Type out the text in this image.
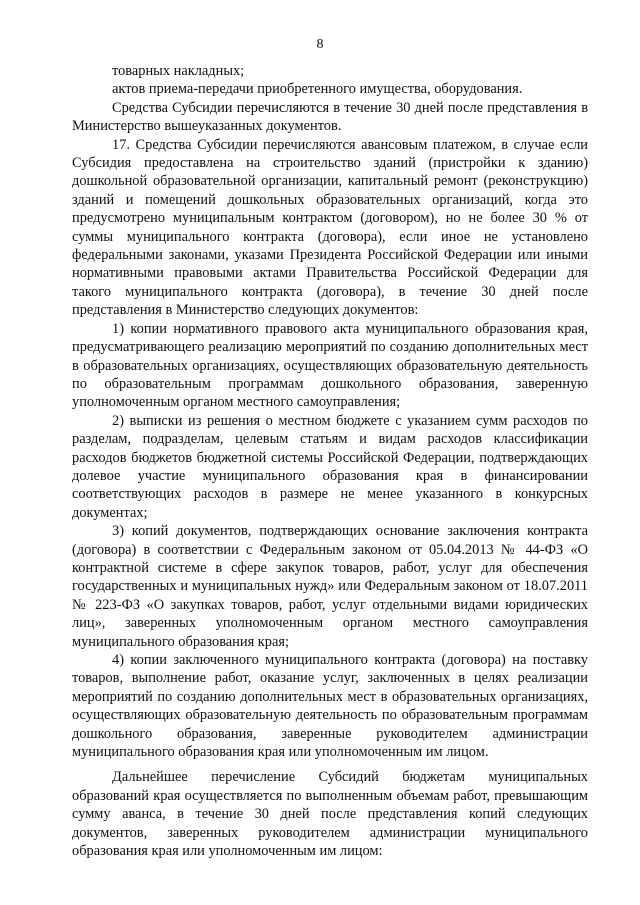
8

товарных накладных;

актов приема-передачи приобретенного имущества, оборудования.

Средства Субсидии перечисляются в течение 30 дней после представления в Министерство вышеуказанных документов.

17. Средства Субсидии перечисляются авансовым платежом, в случае если Субсидия предоставлена на строительство зданий (пристройки к зданию) дошкольной образовательной организации, капитальный ремонт (реконструкцию) зданий и помещений дошкольных образовательных организаций, когда это предусмотрено муниципальным контрактом (договором), но не более 30 % от суммы муниципального контракта (договора), если иное не установлено федеральными законами, указами Президента Российской Федерации или иными нормативными правовыми актами Правительства Российской Федерации для такого муниципального контракта (договора), в течение 30 дней после представления в Министерство следующих документов:

1) копии нормативного правового акта муниципального образования края, предусматривающего реализацию мероприятий по созданию дополнительных мест в образовательных организациях, осуществляющих образовательную деятельность по образовательным программам дошкольного образования, заверенную уполномоченным органом местного самоуправления;

2) выписки из решения о местном бюджете с указанием сумм расходов по разделам, подразделам, целевым статьям и видам расходов классификации расходов бюджетов бюджетной системы Российской Федерации, подтверждающих долевое участие муниципального образования края в финансировании соответствующих расходов в размере не менее указанного в конкурсных документах;

3) копий документов, подтверждающих основание заключения контракта (договора) в соответствии с Федеральным законом от 05.04.2013 № 44-ФЗ «О контрактной системе в сфере закупок товаров, работ, услуг для обеспечения государственных и муниципальных нужд» или Федеральным законом от 18.07.2011 № 223-ФЗ «О закупках товаров, работ, услуг отдельными видами юридических лиц», заверенных уполномоченным органом местного самоуправления муниципального образования края;

4) копии заключенного муниципального контракта (договора) на поставку товаров, выполнение работ, оказание услуг, заключенных в целях реализации мероприятий по созданию дополнительных мест в образовательных организациях, осуществляющих образовательную деятельность по образовательным программам дошкольного образования, заверенные руководителем администрации муниципального образования края или уполномоченным им лицом.

Дальнейшее перечисление Субсидий бюджетам муниципальных образований края осуществляется по выполненным объемам работ, превышающим сумму аванса, в течение 30 дней после представления копий следующих документов, заверенных руководителем администрации муниципального образования края или уполномоченным им лицом:
